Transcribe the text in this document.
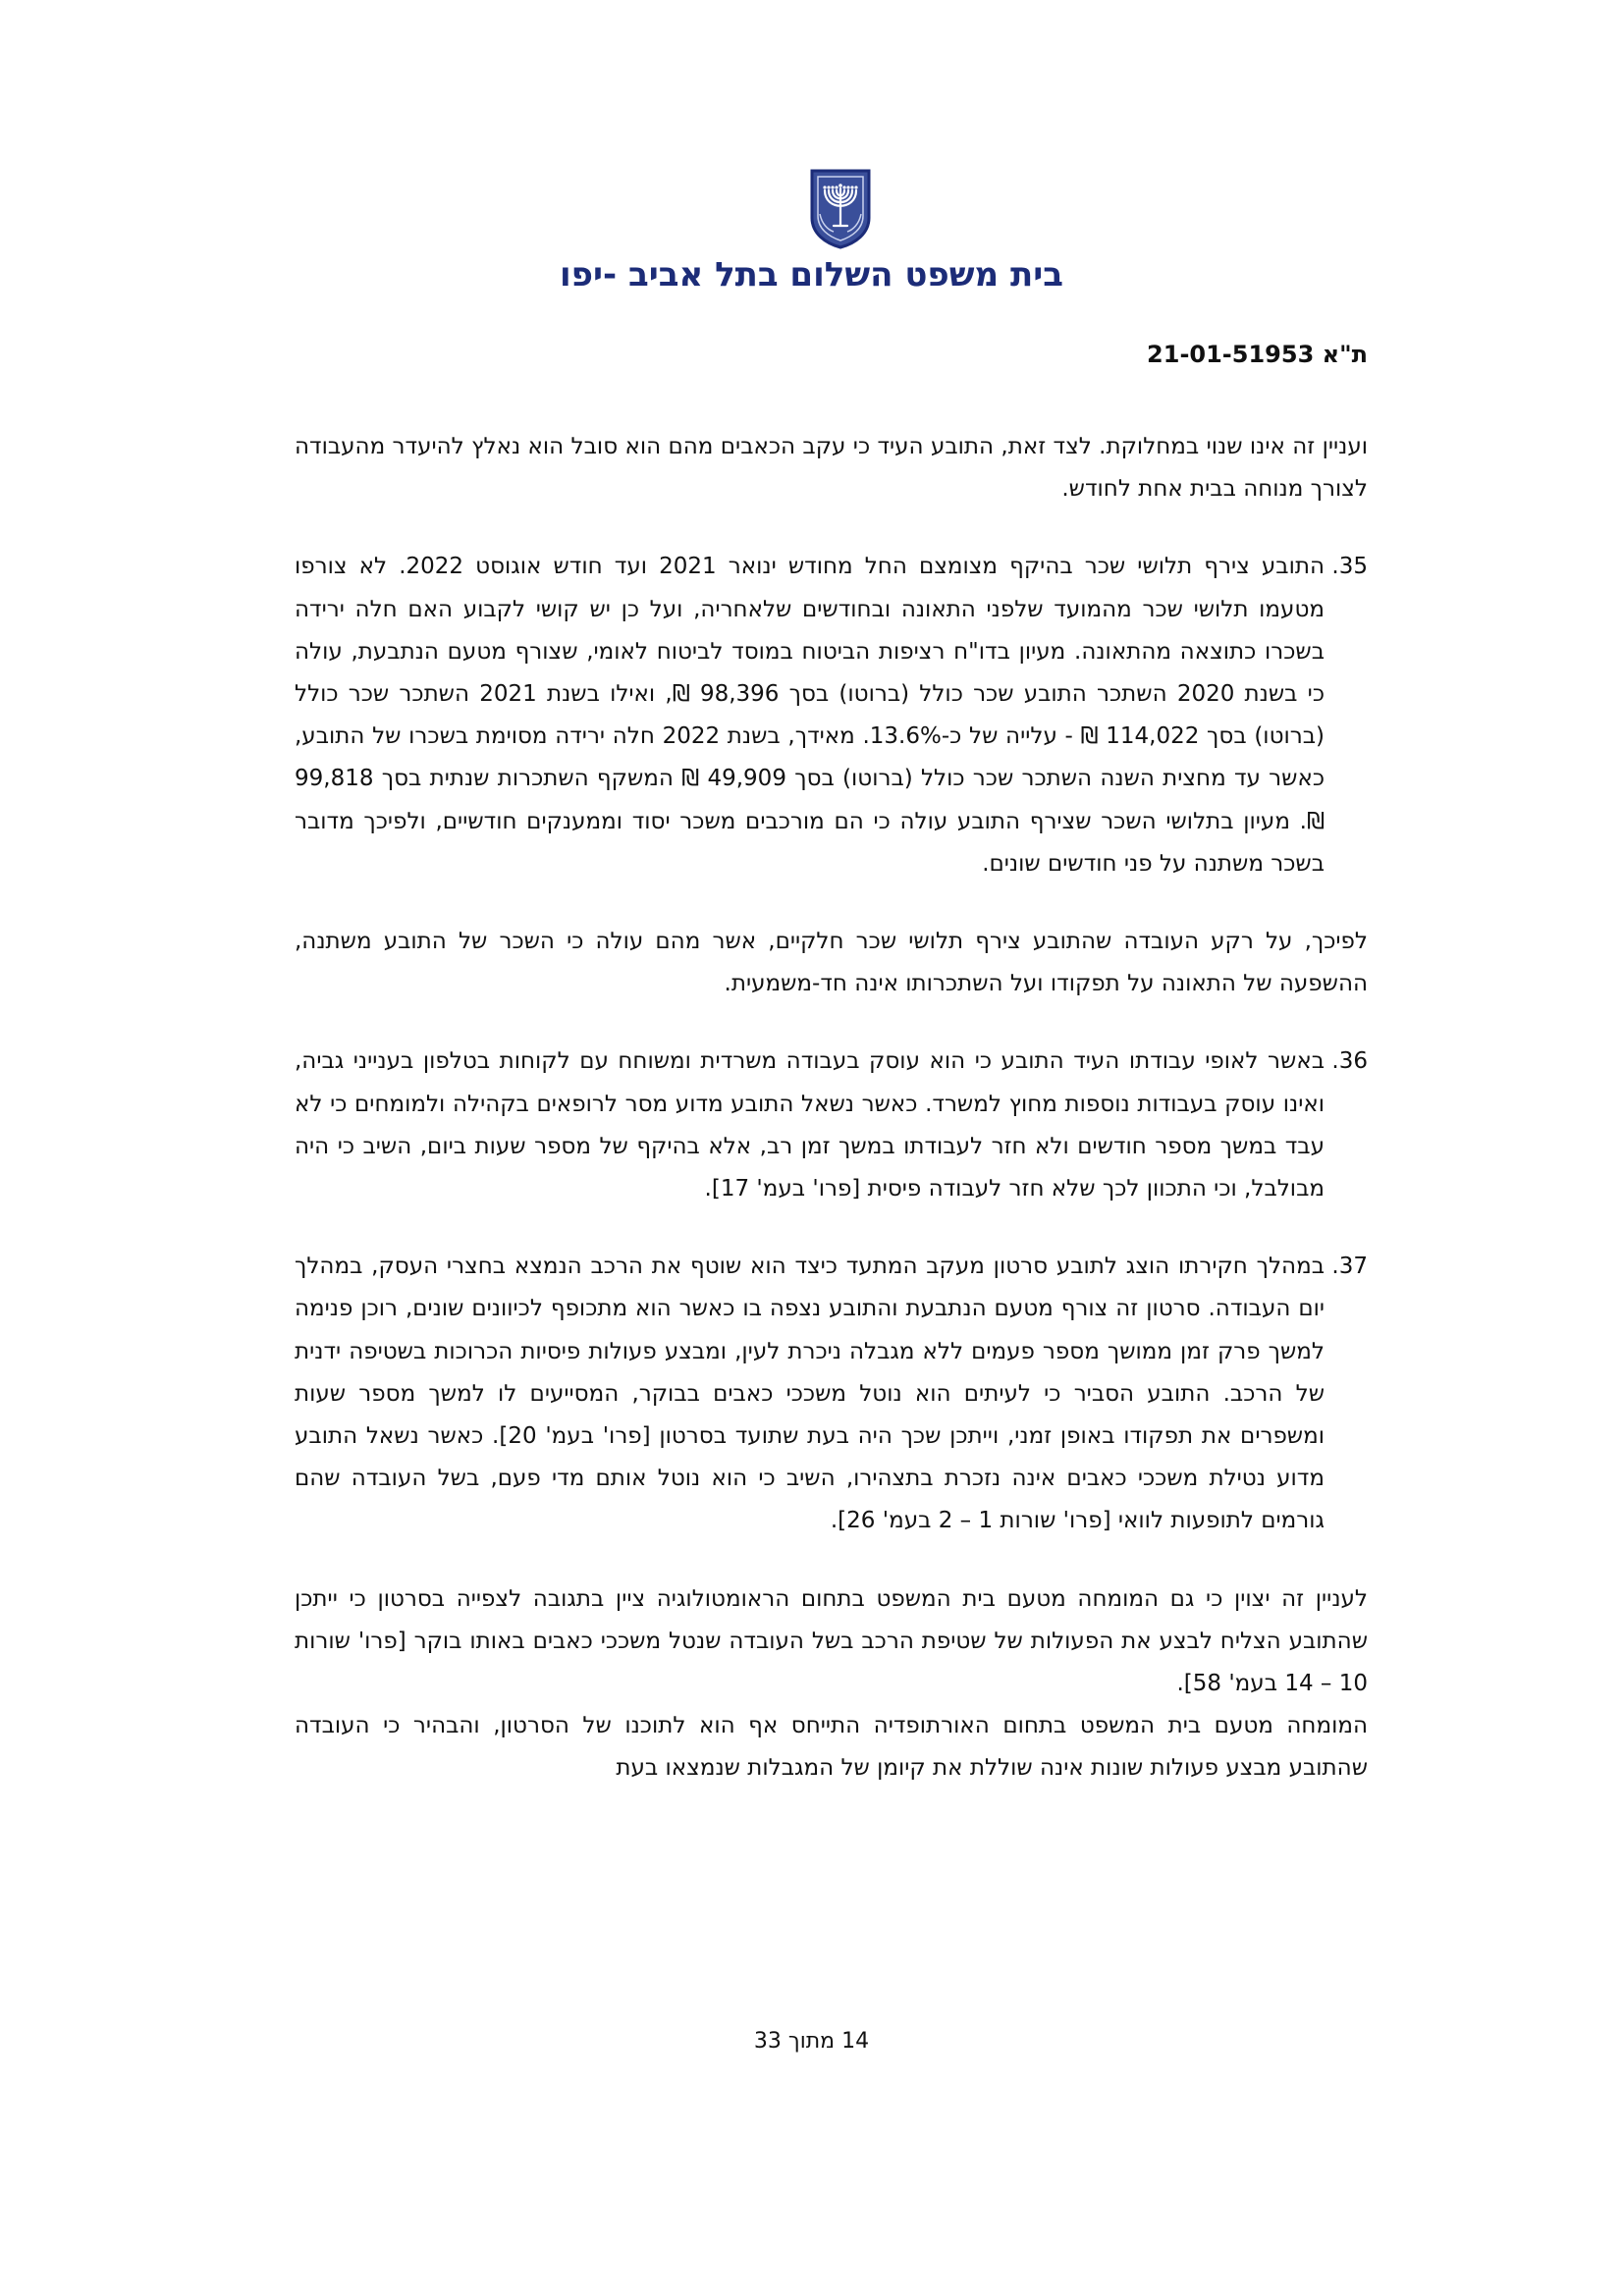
בית משפט השלום בתל אביב -יפו
ת"א 21-01-51953

ועניין זה אינו שנוי במחלוקת. לצד זאת, התובע העיד כי עקב הכאבים מהם הוא סובל הוא נאלץ להיעדר מהעבודה לצורך מנוחה בבית אחת לחודש.

35.
התובע צירף תלושי שכר בהיקף מצומצם החל מחודש ינואר 2021 ועד חודש אוגוסט 2022. לא צורפו מטעמו תלושי שכר מהמועד שלפני התאונה ובחודשים שלאחריה, ועל כן יש קושי לקבוע האם חלה ירידה בשכרו כתוצאה מהתאונה. מעיון בדו"ח רציפות הביטוח במוסד לביטוח לאומי, שצורף מטעם הנתבעת, עולה כי בשנת 2020 השתכר התובע שכר כולל (ברוטו) בסך 98,396 ₪, ואילו בשנת 2021 השתכר שכר כולל (ברוטו) בסך 114,022 ₪ - עלייה של כ-13.6%. מאידך, בשנת 2022 חלה ירידה מסוימת בשכרו של התובע, כאשר עד מחצית השנה השתכר שכר כולל (ברוטו) בסך 49,909 ₪ המשקף השתכרות שנתית בסך 99,818 ₪. מעיון בתלושי השכר שצירף התובע עולה כי הם מורכבים משכר יסוד וממענקים חודשיים, ולפיכך מדובר בשכר משתנה על פני חודשים שונים.

לפיכך, על רקע העובדה שהתובע צירף תלושי שכר חלקיים, אשר מהם עולה כי השכר של התובע משתנה, ההשפעה של התאונה על תפקודו ועל השתכרותו אינה חד-משמעית.

36.
באשר לאופי עבודתו העיד התובע כי הוא עוסק בעבודה משרדית ומשוחח עם לקוחות בטלפון בענייני גביה, ואינו עוסק בעבודות נוספות מחוץ למשרד. כאשר נשאל התובע מדוע מסר לרופאים בקהילה ולמומחים כי לא עבד במשך מספר חודשים ולא חזר לעבודתו במשך זמן רב, אלא בהיקף של מספר שעות ביום, השיב כי היה מבולבל, וכי התכוון לכך שלא חזר לעבודה פיסית [פרו' בעמ' 17].

37.
במהלך חקירתו הוצג לתובע סרטון מעקב המתעד כיצד הוא שוטף את הרכב הנמצא בחצרי העסק, במהלך יום העבודה. סרטון זה צורף מטעם הנתבעת והתובע נצפה בו כאשר הוא מתכופף לכיוונים שונים, רוכן פנימה למשך פרק זמן ממושך מספר פעמים ללא מגבלה ניכרת לעין, ומבצע פעולות פיסיות הכרוכות בשטיפה ידנית של הרכב. התובע הסביר כי לעיתים הוא נוטל משככי כאבים בבוקר, המסייעים לו למשך מספר שעות ומשפרים את תפקודו באופן זמני, וייתכן שכך היה בעת שתועד בסרטון [פרו' בעמ' 20]. כאשר נשאל התובע מדוע נטילת משככי כאבים אינה נזכרת בתצהירו, השיב כי הוא נוטל אותם מדי פעם, בשל העובדה שהם גורמים לתופעות לוואי [פרו' שורות 1 – 2 בעמ' 26].

לעניין זה יצוין כי גם המומחה מטעם בית המשפט בתחום הראומטולוגיה ציין בתגובה לצפייה בסרטון כי ייתכן שהתובע הצליח לבצע את הפעולות של שטיפת הרכב בשל העובדה שנטל משככי כאבים באותו בוקר [פרו' שורות 10 – 14 בעמ' 58].

המומחה מטעם בית המשפט בתחום האורתופדיה התייחס אף הוא לתוכנו של הסרטון, והבהיר כי העובדה שהתובע מבצע פעולות שונות אינה שוללת את קיומן של המגבלות שנמצאו בעת

14 מתוך 33
